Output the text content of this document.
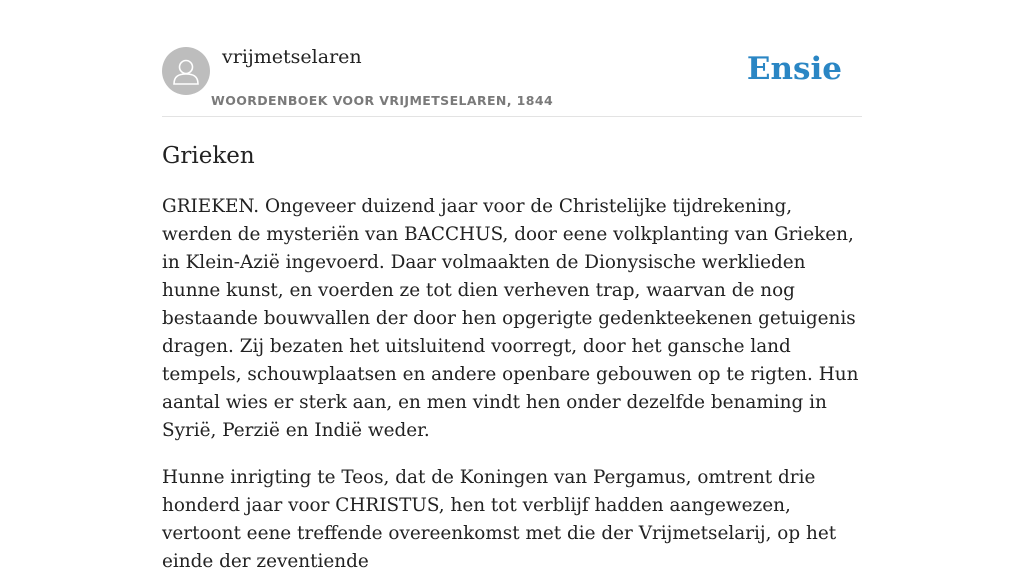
vrijmetselaren
WOORDENBOEK VOOR VRIJMETSELAREN, 1844
Ensie
Grieken

GRIEKEN. Ongeveer duizend jaar voor de Christelijke tijdrekening, werden de mysteriën van BACCHUS, door eene volkplanting van Grieken, in Klein-Azië ingevoerd. Daar volmaakten de Dionysische werklieden hunne kunst, en voerden ze tot dien verheven trap, waarvan de nog bestaande bouwvallen der door hen opgerigte gedenkteekenen getuigenis dragen. Zij bezaten het uitsluitend voorregt, door het gansche land tempels, schouwplaatsen en andere openbare gebouwen op te rigten. Hun aantal wies er sterk aan, en men vindt hen onder dezelfde benaming in Syrië, Perzië en Indië weder.

Hunne inrigting te Teos, dat de Koningen van Pergamus, omtrent drie honderd jaar voor CHRISTUS, hen tot verblijf hadden aangewezen, vertoont eene treffende overeenkomst met die der Vrijmetselarij, op het einde der zeventiende
